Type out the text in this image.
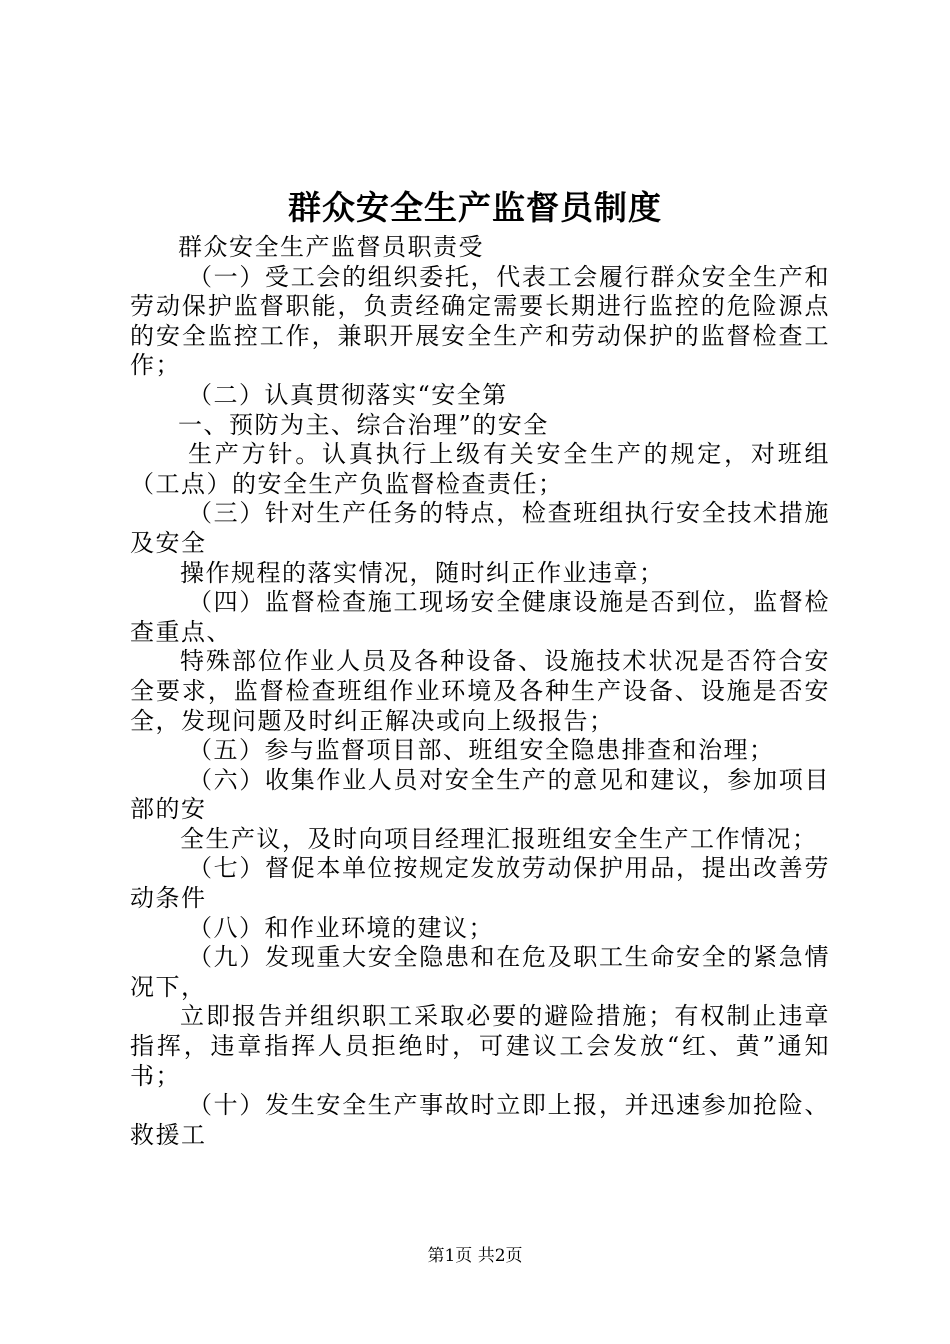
群众安全生产监督员制度

群众安全生产监督员职责受

（一）受工会的组织委托，代表工会履行群众安全生产和劳动保护监督职能，负责经确定需要长期进行监控的危险源点的安全监控工作，兼职开展安全生产和劳动保护的监督检查工作；

（二）认真贯彻落实“安全第

一、预防为主、综合治理”的安全

生产方针。认真执行上级有关安全生产的规定，对班组（工点）的安全生产负监督检查责任；

（三）针对生产任务的特点，检查班组执行安全技术措施及安全

操作规程的落实情况，随时纠正作业违章；

（四）监督检查施工现场安全健康设施是否到位，监督检查重点、

特殊部位作业人员及各种设备、设施技术状况是否符合安全要求，监督检查班组作业环境及各种生产设备、设施是否安全，发现问题及时纠正解决或向上级报告；

（五）参与监督项目部、班组安全隐患排查和治理；

（六）收集作业人员对安全生产的意见和建议，参加项目部的安

全生产议，及时向项目经理汇报班组安全生产工作情况；

（七）督促本单位按规定发放劳动保护用品，提出改善劳动条件

（八）和作业环境的建议；

（九）发现重大安全隐患和在危及职工生命安全的紧急情况下，

立即报告并组织职工采取必要的避险措施；有权制止违章指挥，违章指挥人员拒绝时，可建议工会发放“红、黄”通知书；

（十）发生安全生产事故时立即上报，并迅速参加抢险、救援工

第1页 共2页
